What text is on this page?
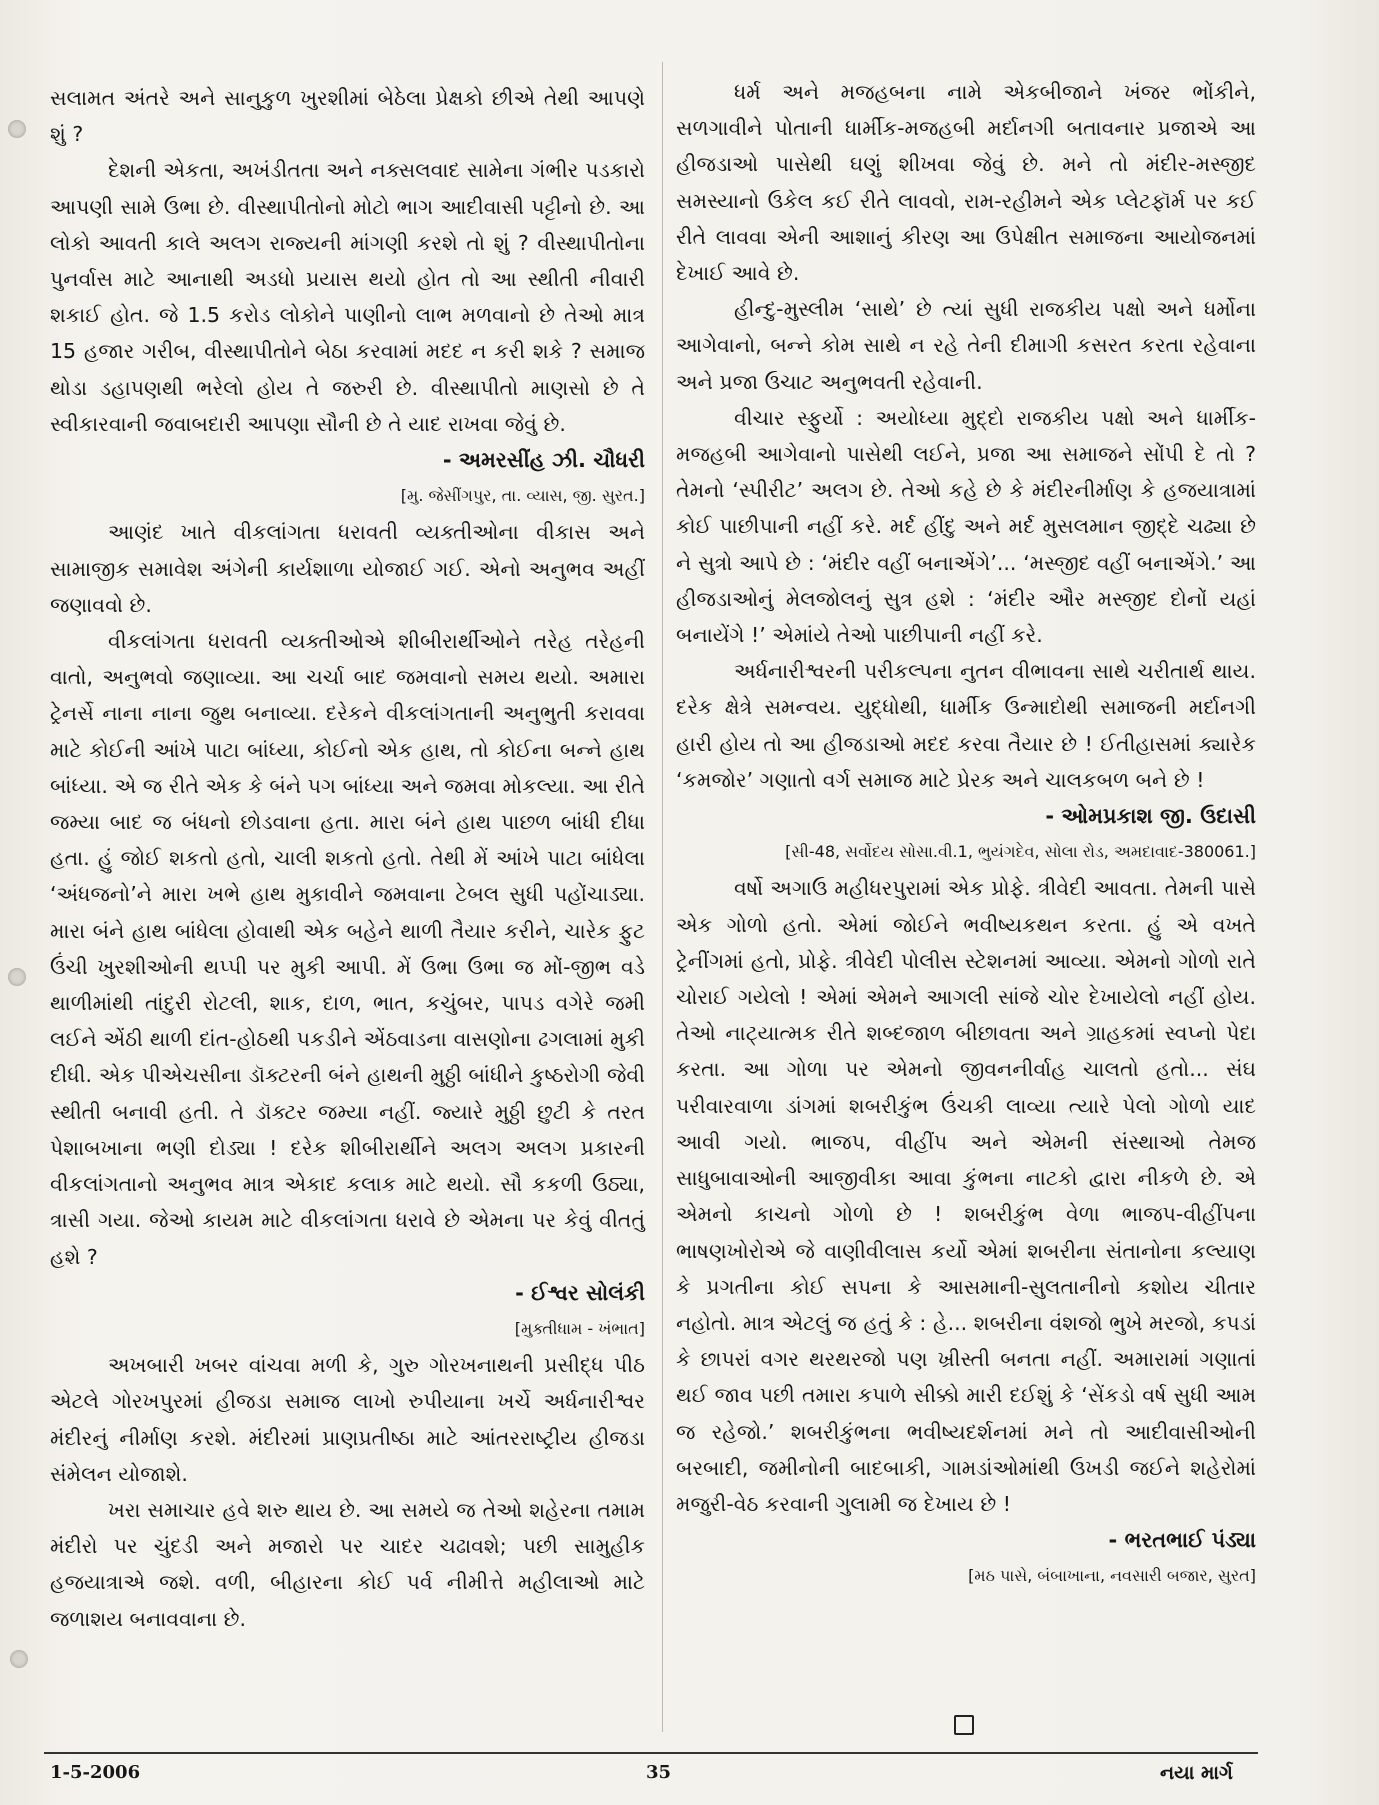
સલામત અંતરે અને સાનુકુળ ખુરશીમાં બેઠેલા પ્રેક્ષકો છીએ તેથી આપણે શું ?

દેશની એકતા, અખંડીતતા અને નક્સલવાદ સામેના ગંભીર પડકારો આપણી સામે ઉભા છે. વીસ્થાપીતોનો મોટો ભાગ આદીવાસી પટ્ટીનો છે. આ લોકો આવતી કાલે અલગ રાજ્યની માંગણી કરશે તો શું ? વીસ્થાપીતોના પુનર્વાસ માટે આનાથી અડધો પ્રયાસ થયો હોત તો આ સ્થીતી નીવારી શકાઈ હોત. જે 1.5 કરોડ લોકોને પાણીનો લાભ મળવાનો છે તેઓ માત્ર 15 હજાર ગરીબ, વીસ્થાપીતોને બેઠા કરવામાં મદદ ન કરી શકે ? સમાજ થોડા ડહાપણથી ભરેલો હોય તે જરુરી છે. વીસ્થાપીતો માણસો છે તે સ્વીકારવાની જવાબદારી આપણા સૌની છે તે યાદ રાખવા જેવું છે.

- અમરસીંહ ઝી. ચૌધરી

[મુ. જેસીંગપુર, તા. વ્યાસ, જી. સુરત.]

આણંદ ખાતે વીકલાંગતા ધરાવતી વ્યક્તીઓના વીકાસ અને સામાજીક સમાવેશ અંગેની કાર્યશાળા યોજાઈ ગઈ. એનો અનુભવ અહીં જણાવવો છે.

વીકલાંગતા ધરાવતી વ્યક્તીઓએ શીબીરાર્થીઓને તરેહ તરેહની વાતો, અનુભવો જણાવ્યા. આ ચર્ચા બાદ જમવાનો સમય થયો. અમારા ટ્રેનર્સે નાના નાના જુથ બનાવ્યા. દરેકને વીકલાંગતાની અનુભુતી કરાવવા માટે કોઈની આંખે પાટા બાંધ્યા, કોઈનો એક હાથ, તો કોઈના બન્ને હાથ બાંધ્યા. એ જ રીતે એક કે બંને પગ બાંધ્યા અને જમવા મોકલ્યા. આ રીતે જમ્યા બાદ જ બંધનો છોડવાના હતા. મારા બંને હાથ પાછળ બાંધી દીધા હતા. હું જોઈ શકતો હતો, ચાલી શકતો હતો. તેથી મેં આંખે પાટા બાંધેલા ‘અંધજનો’ને મારા ખભે હાથ મુકાવીને જમવાના ટેબલ સુધી પહોંચાડ્યા. મારા બંને હાથ બાંધેલા હોવાથી એક બહેને થાળી તૈયાર કરીને, ચારેક ફુટ ઉંચી ખુરશીઓની થપ્પી પર મુકી આપી. મેં ઉભા ઉભા જ મોં-જીભ વડે થાળીમાંથી તાંદુરી રોટલી, શાક, દાળ, ભાત, કચુંબર, પાપડ વગેરે જમી લઈને એંઠી થાળી દાંત-હોઠથી પકડીને એંઠવાડના વાસણોના ઢગલામાં મુકી દીધી. એક પીએચસીના ડૉક્ટરની બંને હાથની મુઠ્ઠી બાંધીને કુષ્ઠરોગી જેવી સ્થીતી બનાવી હતી. તે ડૉક્ટર જમ્યા નહીં. જ્યારે મુઠ્ઠી છુટી કે તરત પેશાબખાના ભણી દોડ્યા ! દરેક શીબીરાર્થીને અલગ અલગ પ્રકારની વીકલાંગતાનો અનુભવ માત્ર એકાદ કલાક માટે થયો. સૌ કકળી ઉઠ્યા, ત્રાસી ગયા. જેઓ કાયમ માટે વીકલાંગતા ધરાવે છે એમના પર કેવું વીતતું હશે ?

- ઈશ્વર સોલંકી

[મુક્તીધામ - ખંભાત]

અખબારી ખબર વાંચવા મળી કે, ગુરુ ગોરખનાથની પ્રસીદ્ધ પીઠ એટલે ગોરખપુરમાં હીજડા સમાજ લાખો રુપીયાના ખર્ચે અર્ધનારીશ્વર મંદીરનું નીર્માણ કરશે. મંદીરમાં પ્રાણપ્રતીષ્ઠા માટે આંતરરાષ્ટ્રીય હીજડા સંમેલન યોજાશે.

ખરા સમાચાર હવે શરુ થાય છે. આ સમયે જ તેઓ શહેરના તમામ મંદીરો પર ચુંદડી અને મજારો પર ચાદર ચઢાવશે; પછી સામુહીક હજયાત્રાએ જશે. વળી, બીહારના કોઈ પર્વ નીમીત્તે મહીલાઓ માટે જળાશય બનાવવાના છે.

ધર્મ અને મજહબના નામે એકબીજાને ખંજર ભોંકીને, સળગાવીને પોતાની ધાર્મીક-મજહબી મર્દાનગી બતાવનાર પ્રજાએ આ હીજડાઓ પાસેથી ઘણું શીખવા જેવું છે. મને તો મંદીર-મસ્જીદ સમસ્યાનો ઉકેલ કઈ રીતે લાવવો, રામ-રહીમને એક પ્લેટફૉર્મ પર કઈ રીતે લાવવા એની આશાનું કીરણ આ ઉપેક્ષીત સમાજના આયોજનમાં દેખાઈ આવે છે.

હીન્દુ-મુસ્લીમ ‘સાથે’ છે ત્યાં સુધી રાજકીય પક્ષો અને ધર્મોના આગેવાનો, બન્ને કોમ સાથે ન રહે તેની દીમાગી કસરત કરતા રહેવાના અને પ્રજા ઉચાટ અનુભવતી રહેવાની.

વીચાર સ્ફુર્યો : અયોધ્યા મુદ્દો રાજકીય પક્ષો અને ધાર્મીક-મજહબી આગેવાનો પાસેથી લઈને, પ્રજા આ સમાજને સોંપી દે તો ? તેમનો ‘સ્પીરીટ’ અલગ છે. તેઓ કહે છે કે મંદીરનીર્માણ કે હજયાત્રામાં કોઈ પાછીપાની નહીં કરે. મર્દ હીંદુ અને મર્દ મુસલમાન જીદ્દે ચઢ્યા છે ને સુત્રો આપે છે : ‘મંદીર વહીં બનાએંગે’... ‘મસ્જીદ વહીં બનાએંગે.’ આ હીજડાઓનું મેલજોલનું સુત્ર હશે : ‘મંદીર ઔર મસ્જીદ દોનોં યહાં બનાયેંગે !’ એમાંયે તેઓ પાછીપાની નહીં કરે.

અર્ધનારીશ્વરની પરીકલ્પના નુતન વીભાવના સાથે ચરીતાર્થ થાય. દરેક ક્ષેત્રે સમન્વય. યુદ્ધોથી, ધાર્મીક ઉન્માદોથી સમાજની મર્દાનગી હારી હોય તો આ હીજડાઓ મદદ કરવા તૈયાર છે ! ઈતીહાસમાં ક્યારેક ‘કમજોર’ ગણાતો વર્ગ સમાજ માટે પ્રેરક અને ચાલકબળ બને છે !

- ઓમપ્રકાશ જી. ઉદાસી

[સી-48, સર્વોદય સોસા.વી.1, ભુયંગદેવ, સોલા રોડ, અમદાવાદ-380061.]

વર્ષો અગાઉ મહીધરપુરામાં એક પ્રોફે. ત્રીવેદી આવતા. તેમની પાસે એક ગોળો હતો. એમાં જોઈને ભવીષ્યકથન કરતા. હું એ વખતે ટ્રેનીંગમાં હતો, પ્રોફે. ત્રીવેદી પોલીસ સ્ટેશનમાં આવ્યા. એમનો ગોળો રાતે ચોરાઈ ગયેલો ! એમાં એમને આગલી સાંજે ચોર દેખાયેલો નહીં હોય. તેઓ નાટ્યાત્મક રીતે શબ્દજાળ બીછાવતા અને ગ્રાહકમાં સ્વપ્નો પેદા કરતા. આ ગોળા પર એમનો જીવનનીર્વાહ ચાલતો હતો... સંઘ પરીવારવાળા ડાંગમાં શબરીકુંભ ઉંચકી લાવ્યા ત્યારે પેલો ગોળો યાદ આવી ગયો. ભાજપ, વીહીંપ અને એમની સંસ્થાઓ તેમજ સાધુબાવાઓની આજીવીકા આવા કુંભના નાટકો દ્વારા નીકળે છે. એ એમનો કાચનો ગોળો છે ! શબરીકુંભ વેળા ભાજપ-વીહીંપના ભાષણખોરોએ જે વાણીવીલાસ કર્યો એમાં શબરીના સંતાનોના કલ્યાણ કે પ્રગતીના કોઈ સપના કે આસમાની-સુલતાનીનો કશોય ચીતાર નહોતો. માત્ર એટલું જ હતું કે : હે... શબરીના વંશજો ભુખે મરજો, કપડાં કે છાપરાં વગર થરથરજો પણ ખ્રીસ્તી બનતા નહીં. અમારામાં ગણાતાં થઈ જાવ પછી તમારા કપાળે સીક્કો મારી દઈશું કે ‘સેંકડો વર્ષ સુધી આમ જ રહેજો.’ શબરીકુંભના ભવીષ્યદર્શનમાં મને તો આદીવાસીઓની બરબાદી, જમીનોની બાદબાકી, ગામડાંઓમાંથી ઉખડી જઈને શહેરોમાં મજુરી-વેઠ કરવાની ગુલામી જ દેખાય છે !

- ભરતભાઈ પંડ્યા

[મઠ પાસે, બંબાખાના, નવસારી બજાર, સુરત]

1-5-2006	35	નયા માર્ગ
